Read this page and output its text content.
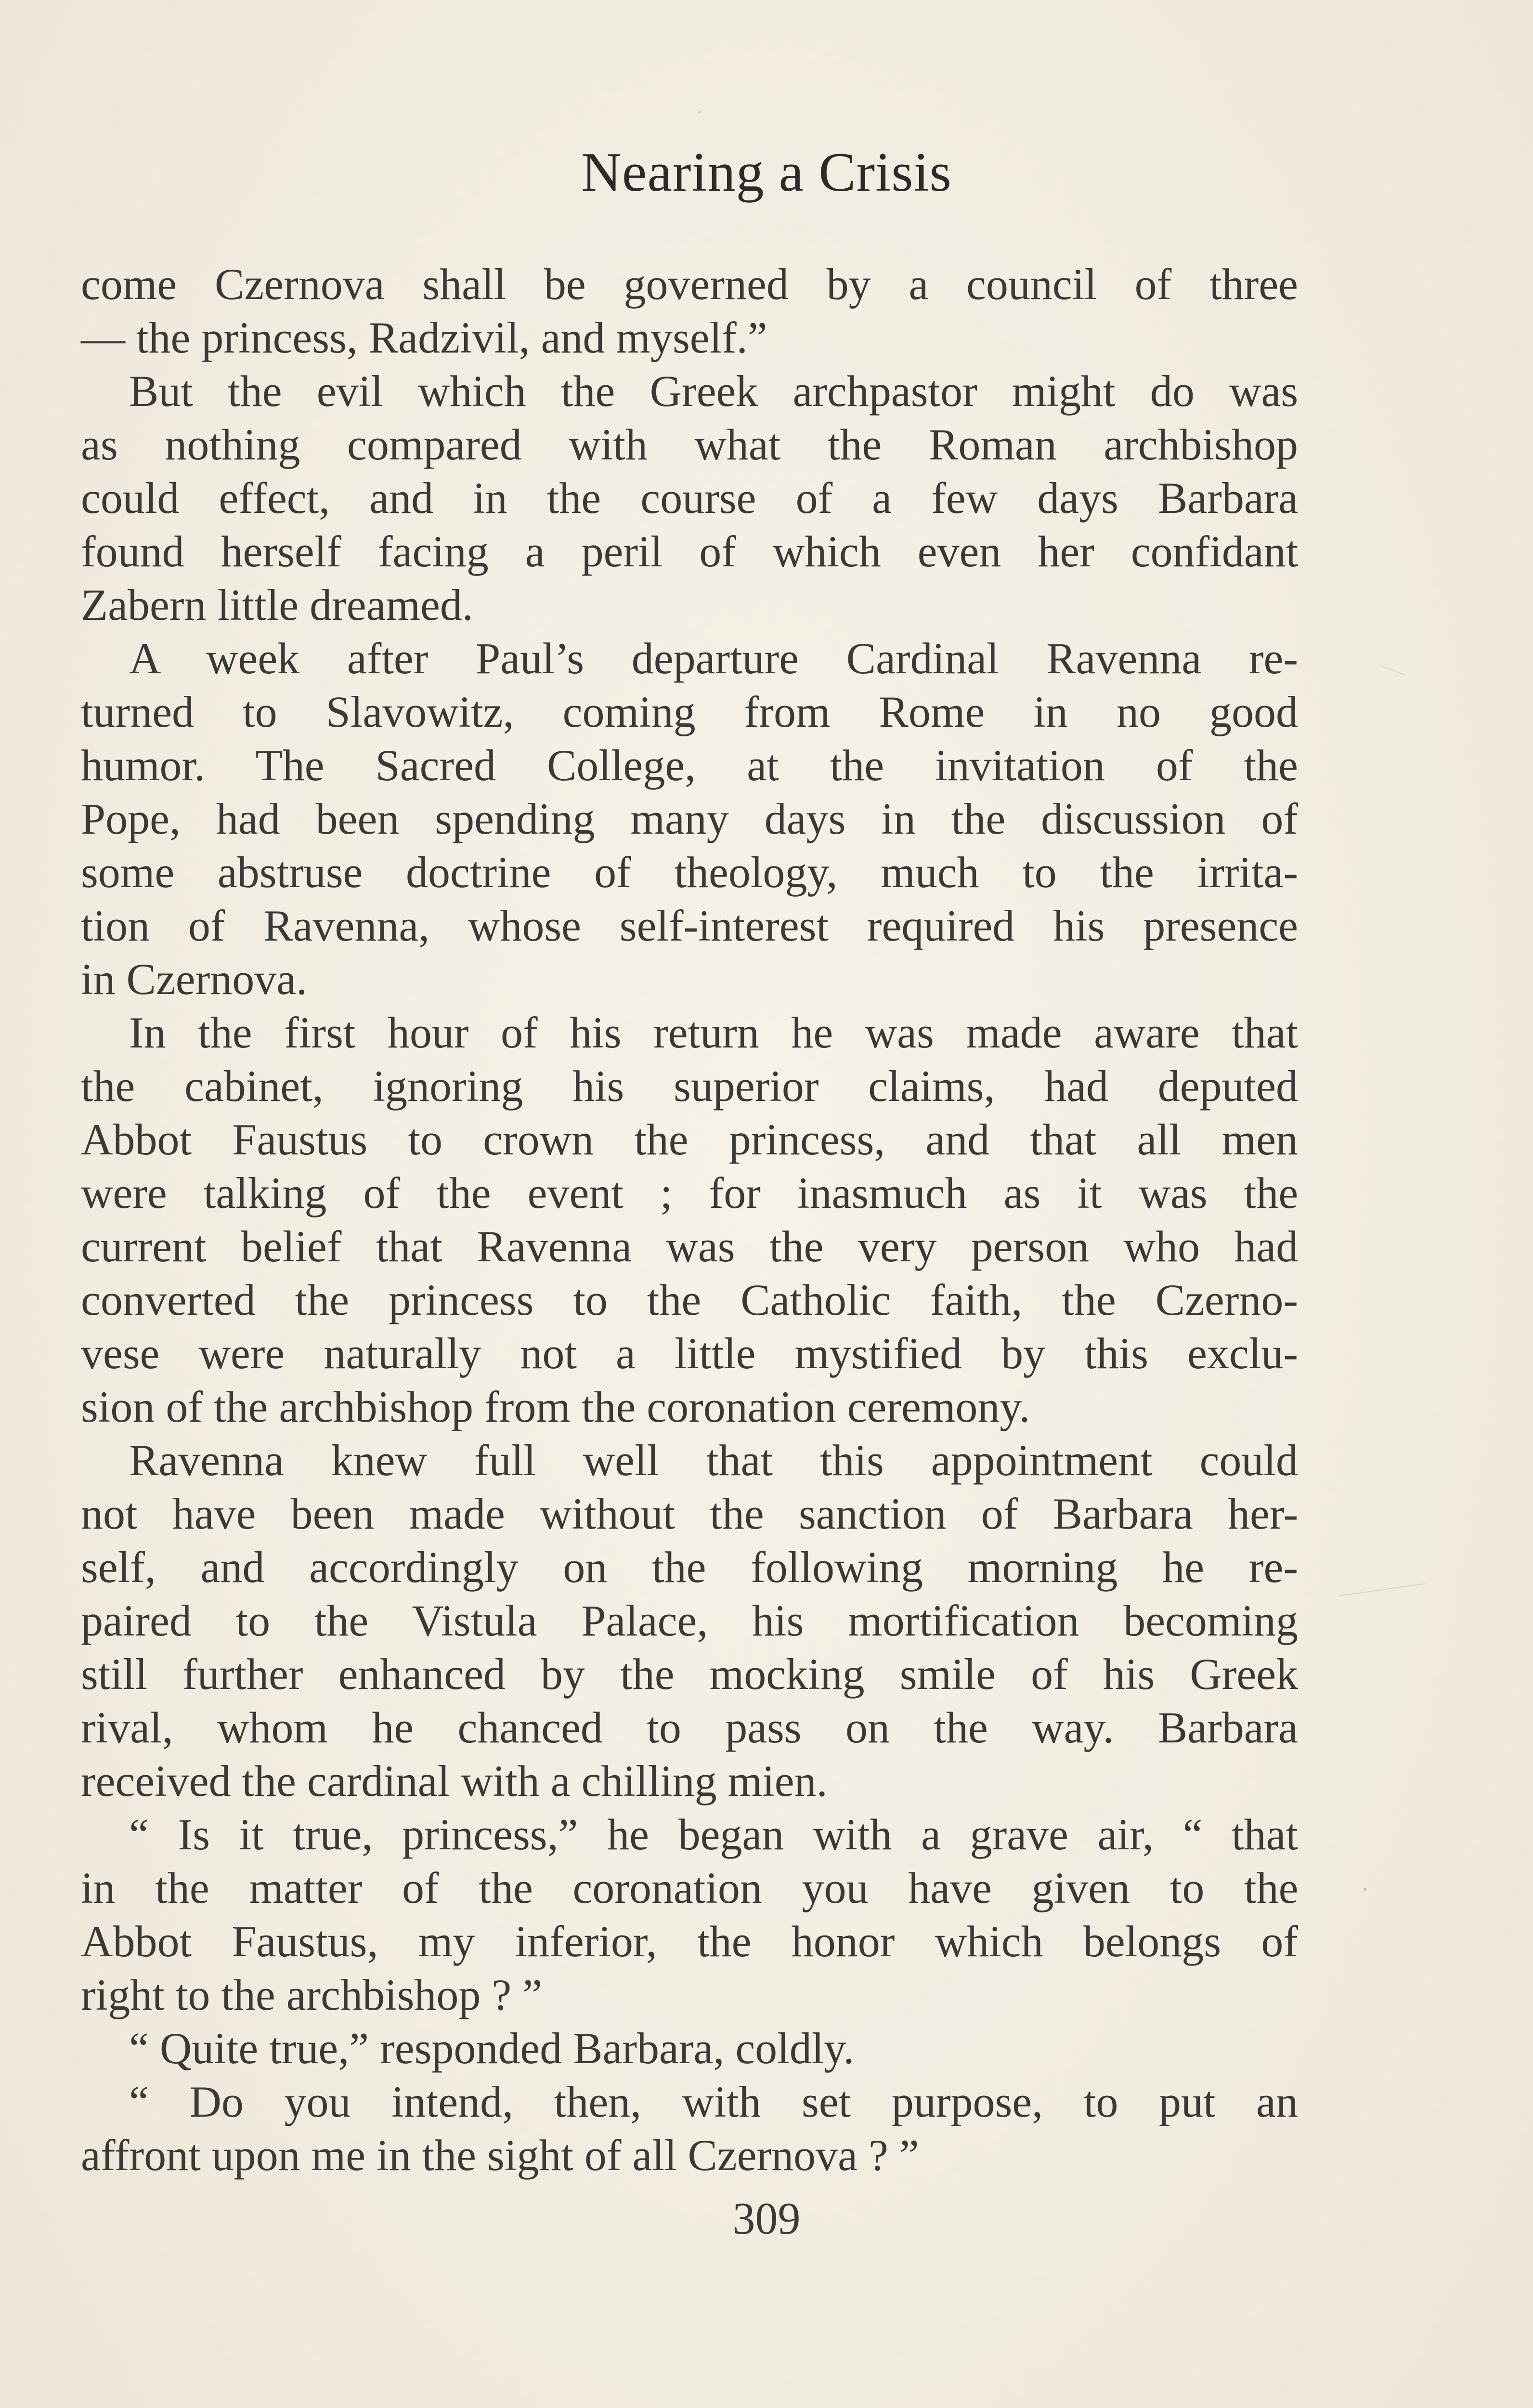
Nearing a Crisis
come Czernova shall be governed by a council of three
— the princess, Radzivil, and myself.”
But the evil which the Greek archpastor might do was
as nothing compared with what the Roman archbishop
could effect, and in the course of a few days Barbara
found herself facing a peril of which even her confidant
Zabern little dreamed.
A week after Paul’s departure Cardinal Ravenna re-
turned to Slavowitz, coming from Rome in no good
humor. The Sacred College, at the invitation of the
Pope, had been spending many days in the discussion of
some abstruse doctrine of theology, much to the irrita-
tion of Ravenna, whose self-interest required his presence
in Czernova.
In the first hour of his return he was made aware that
the cabinet, ignoring his superior claims, had deputed
Abbot Faustus to crown the princess, and that all men
were talking of the event ; for inasmuch as it was the
current belief that Ravenna was the very person who had
converted the princess to the Catholic faith, the Czerno-
vese were naturally not a little mystified by this exclu-
sion of the archbishop from the coronation ceremony.
Ravenna knew full well that this appointment could
not have been made without the sanction of Barbara her-
self, and accordingly on the following morning he re-
paired to the Vistula Palace, his mortification becoming
still further enhanced by the mocking smile of his Greek
rival, whom he chanced to pass on the way. Barbara
received the cardinal with a chilling mien.
“ Is it true, princess,” he began with a grave air, “ that
in the matter of the coronation you have given to the
Abbot Faustus, my inferior, the honor which belongs of
right to the archbishop ? ”
“ Quite true,” responded Barbara, coldly.
“ Do you intend, then, with set purpose, to put an
affront upon me in the sight of all Czernova ? ”
309
